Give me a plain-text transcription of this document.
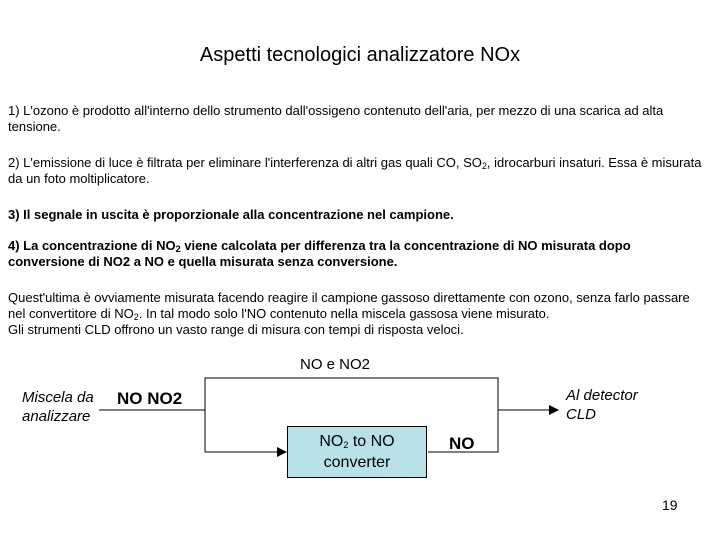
Aspetti tecnologici analizzatore NOx
1) L'ozono è prodotto all'interno dello strumento dall'ossigeno contenuto dell'aria, per mezzo di una scarica ad alta tensione.
2) L'emissione di luce è filtrata per eliminare l'interferenza di altri gas quali CO, $SO_2$, idrocarburi insaturi. Essa è misurata da un foto moltiplicatore.
3) Il segnale in uscita è proporzionale alla concentrazione nel campione.
4) La concentrazione di $NO_2$ viene calcolata per differenza tra la concentrazione di NO misurata dopo conversione di NO2 a NO e quella misurata senza conversione.
Quest'ultima è ovviamente misurata facendo reagire il campione gassoso direttamente con ozono, senza farlo passare nel convertitore di $NO_2$. In tal modo solo l'NO contenuto nella miscela gassosa viene misurato.
Gli strumenti CLD offrono un vasto range di misura con tempi di risposta veloci.
NO e NO2
Miscela da
analizzare
NO NO2	Al detector
CLD
$NO_2$ to NO
converter
NO
19
